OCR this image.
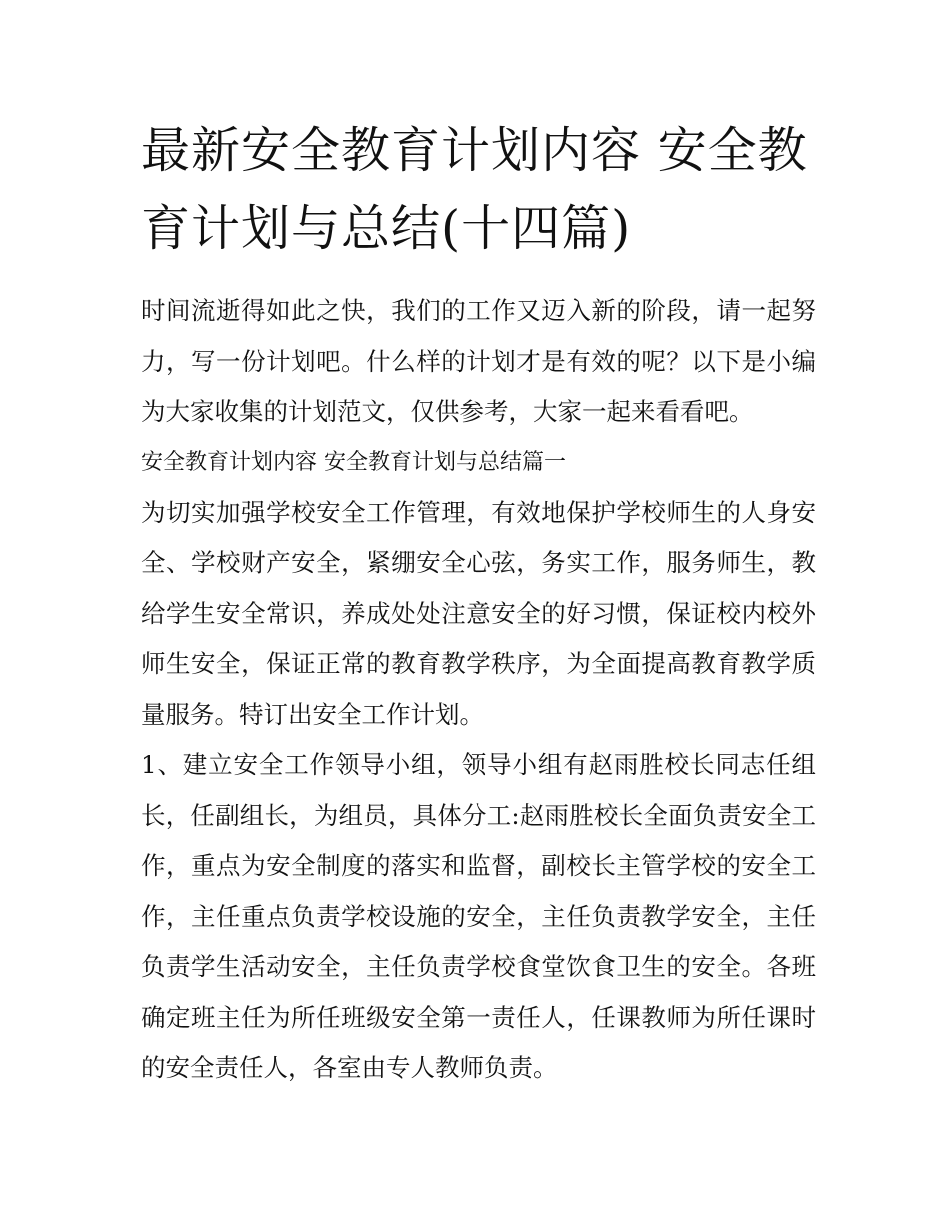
最新安全教育计划内容 安全教育计划与总结(十四篇)

时间流逝得如此之快，我们的工作又迈入新的阶段，请一起努力，写一份计划吧。什么样的计划才是有效的呢？以下是小编为大家收集的计划范文，仅供参考，大家一起来看看吧。

安全教育计划内容 安全教育计划与总结篇一

为切实加强学校安全工作管理，有效地保护学校师生的人身安全、学校财产安全，紧绷安全心弦，务实工作，服务师生，教给学生安全常识，养成处处注意安全的好习惯，保证校内校外师生安全，保证正常的教育教学秩序，为全面提高教育教学质量服务。特订出安全工作计划。

1、建立安全工作领导小组，领导小组有赵雨胜校长同志任组长，任副组长，为组员，具体分工:赵雨胜校长全面负责安全工作，重点为安全制度的落实和监督，副校长主管学校的安全工作，主任重点负责学校设施的安全，主任负责教学安全，主任负责学生活动安全，主任负责学校食堂饮食卫生的安全。各班确定班主任为所任班级安全第一责任人，任课教师为所任课时的安全责任人，各室由专人教师负责。
